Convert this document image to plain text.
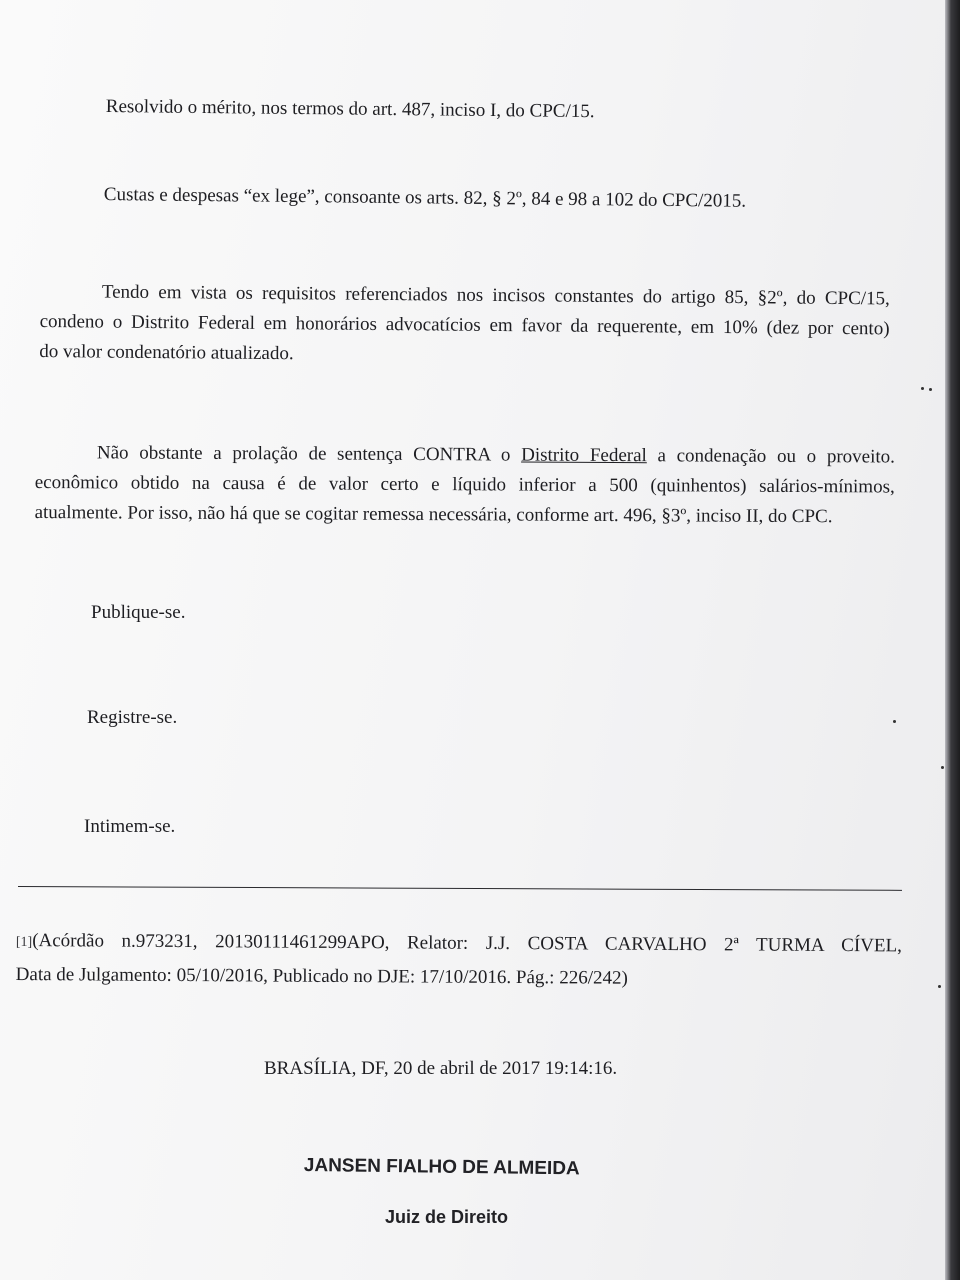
Resolvido o mérito, nos termos do art. 487, inciso I, do CPC/15.

Custas e despesas “ex lege”, consoante os arts. 82, § 2º, 84 e 98 a 102 do CPC/2015.

Tendo em vista os requisitos referenciados nos incisos constantes do artigo 85, §2º, do CPC/15,
condeno o Distrito Federal em honorários advocatícios em favor da requerente, em 10% (dez por cento)
do valor condenatório atualizado.
Não obstante a prolação de sentença CONTRA o Distrito Federal a condenação ou o proveito.
econômico obtido na causa é de valor certo e líquido inferior a 500 (quinhentos) salários-mínimos,
atualmente. Por isso, não há que se cogitar remessa necessária, conforme art. 496, §3º, inciso II, do CPC.

Publique-se.

Registre-se.

Intimem-se.

[1](Acórdão n.973231, 20130111461299APO, Relator: J.J. COSTA CARVALHO 2ª TURMA CÍVEL,
Data de Julgamento: 05/10/2016, Publicado no DJE: 17/10/2016. Pág.: 226/242)

BRASÍLIA, DF, 20 de abril de 2017 19:14:16.

JANSEN FIALHO DE ALMEIDA
Juiz de Direito
